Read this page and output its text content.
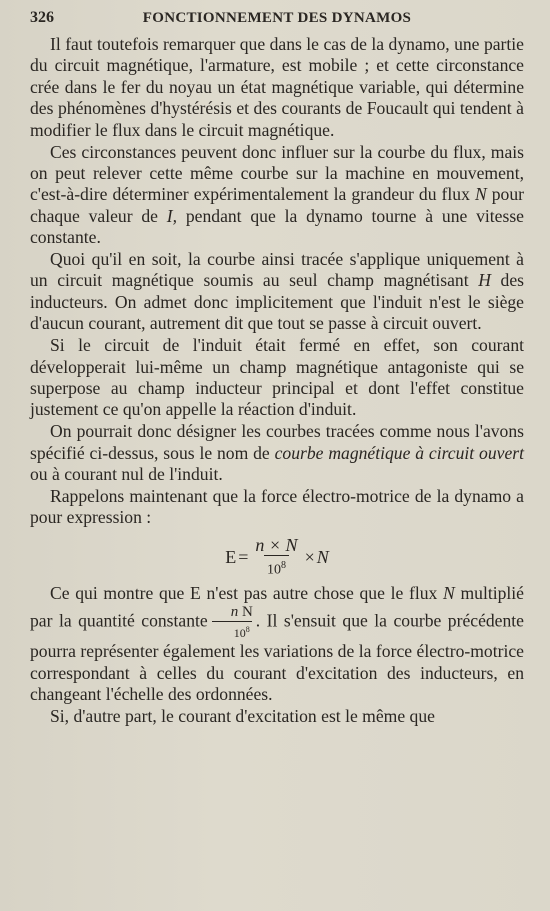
326	FONCTIONNEMENT DES DYNAMOS

Il faut toutefois remarquer que dans le cas de la dynamo, une partie du circuit magnétique, l'armature, est mobile ; et cette circonstance crée dans le fer du noyau un état magnétique variable, qui détermine des phénomènes d'hystérésis et des courants de Foucault qui tendent à modifier le flux dans le circuit magnétique.

Ces circonstances peuvent donc influer sur la courbe du flux, mais on peut relever cette même courbe sur la machine en mouvement, c'est-à-dire déterminer expérimentalement la grandeur du flux N pour chaque valeur de I, pendant que la dynamo tourne à une vitesse constante.

Quoi qu'il en soit, la courbe ainsi tracée s'applique uniquement à un circuit magnétique soumis au seul champ magnétisant H des inducteurs. On admet donc implicitement que l'induit n'est le siège d'aucun courant, autrement dit que tout se passe à circuit ouvert.

Si le circuit de l'induit était fermé en effet, son courant développerait lui-même un champ magnétique antagoniste qui se superpose au champ inducteur principal et dont l'effet constitue justement ce qu'on appelle la réaction d'induit.

On pourrait donc désigner les courbes tracées comme nous l'avons spécifié ci-dessus, sous le nom de courbe magnétique à circuit ouvert ou à courant nul de l'induit.

Rappelons maintenant que la force électro-motrice de la dynamo a pour expression :

$E = \frac{n \times N}{10^8} \times N$

Ce qui montre que E n'est pas autre chose que le flux N multiplié par la quantité constante $\frac{\text{n N}}{10^8}$ . Il s'ensuit que la courbe précédente pourra représenter également les variations de la force électro-motrice correspondant à celles du courant d'excitation des inducteurs, en changeant l'échelle des ordonnées.

Si, d'autre part, le courant d'excitation est le même que
